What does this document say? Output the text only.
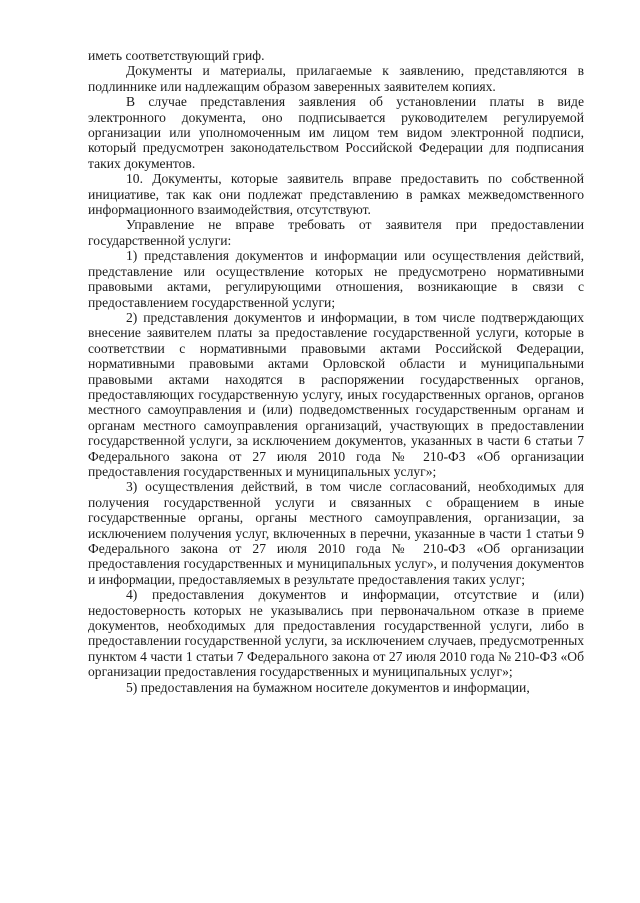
иметь соответствующий гриф.

Документы и материалы, прилагаемые к заявлению, представляются в подлиннике или надлежащим образом заверенных заявителем копиях.

В случае представления заявления об установлении платы в виде электронного документа, оно подписывается руководителем регулируемой организации или уполномоченным им лицом тем видом электронной подписи, который предусмотрен законодательством Российской Федерации для подписания таких документов.

10. Документы, которые заявитель вправе предоставить по собственной инициативе, так как они подлежат представлению в рамках межведомственного информационного взаимодействия, отсутствуют.

Управление не вправе требовать от заявителя при предоставлении государственной услуги:

1) представления документов и информации или осуществления действий, представление или осуществление которых не предусмотрено нормативными правовыми актами, регулирующими отношения, возникающие в связи с предоставлением государственной услуги;

2) представления документов и информации, в том числе подтверждающих внесение заявителем платы за предоставление государственной услуги, которые в соответствии с нормативными правовыми актами Российской Федерации, нормативными правовыми актами Орловской области и муниципальными правовыми актами находятся в распоряжении государственных органов, предоставляющих государственную услугу, иных государственных органов, органов местного самоуправления и (или) подведомственных государственным органам и органам местного самоуправления организаций, участвующих в предоставлении государственной услуги, за исключением документов, указанных в части 6 статьи 7 Федерального закона от 27 июля 2010 года № 210-ФЗ «Об организации предоставления государственных и муниципальных услуг»;

3) осуществления действий, в том числе согласований, необходимых для получения государственной услуги и связанных с обращением в иные государственные органы, органы местного самоуправления, организации, за исключением получения услуг, включенных в перечни, указанные в части 1 статьи 9 Федерального закона от 27 июля 2010 года № 210-ФЗ «Об организации предоставления государственных и муниципальных услуг», и получения документов и информации, предоставляемых в результате предоставления таких услуг;

4) предоставления документов и информации, отсутствие и (или) недостоверность которых не указывались при первоначальном отказе в приеме документов, необходимых для предоставления государственной услуги, либо в предоставлении государственной услуги, за исключением случаев, предусмотренных пунктом 4 части 1 статьи 7 Федерального закона от 27 июля 2010 года № 210-ФЗ «Об организации предоставления государственных и муниципальных услуг»;

5) предоставления на бумажном носителе документов и информации,
